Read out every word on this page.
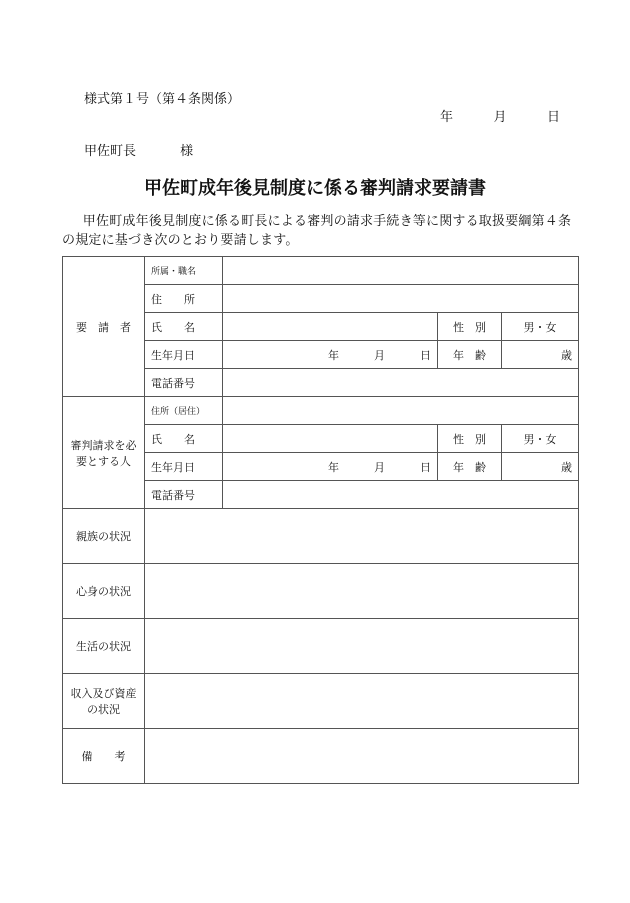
様式第１号（第４条関係）
年	月	日
甲佐町長	様
甲佐町成年後見制度に係る審判請求要請書
甲佐町成年後見制度に係る町長による審判の請求手続き等に関する取扱要綱第４条の規定に基づき次のとおり要請します。
要　請　者	所属・職名			
	住　　所			
	氏　　名		性　別	男・女
	生年月日	年 月 日	年　齢	歳
	電話番号			
審判請求を必要とする人	住所（居住）			
	氏　　名		性　別	男・女
	生年月日	年 月 日	年　齢	歳
	電話番号			
親族の状況				
心身の状況				
生活の状況				
収入及び資産の状況				
備　　考				
